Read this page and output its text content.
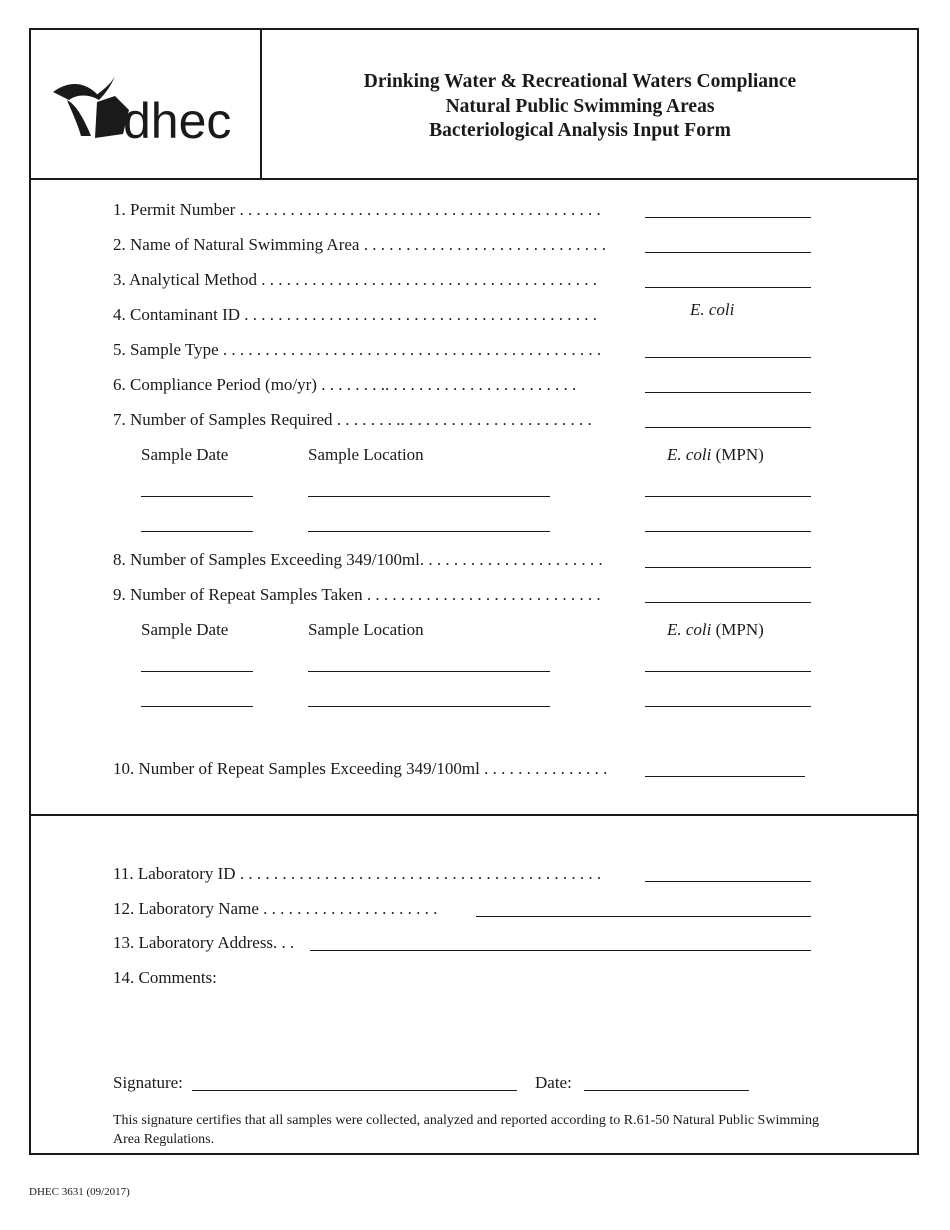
dhec
Drinking Water & Recreational Waters Compliance
Natural Public Swimming Areas
Bacteriological Analysis Input Form
1. Permit Number . . . . . . . . . . . . . . . . . . . . . . . . . . . . . . . . . . . . . . . . . . .
2. Name of Natural Swimming Area . . . . . . . . . . . . . . . . . . . . . . . . . . . . .
3. Analytical Method . . . . . . . . . . . . . . . . . . . . . . . . . . . . . . . . . . . . . . . .
4. Contaminant ID . . . . . . . . . . . . . . . . . . . . . . . . . . . . . . . . . . . . . . . . . .	E. coli
5. Sample Type . . . . . . . . . . . . . . . . . . . . . . . . . . . . . . . . . . . . . . . . . . . . .
6. Compliance Period (mo/yr) . . . . . . . .. . . . . . . . . . . . . . . . . . . . . . .
7. Number of Samples Required . . . . . . . .. . . . . . . . . . . . . . . . . . . . . . .
Sample Date	Sample Location	E. coli (MPN)
8. Number of Samples Exceeding 349/100ml. . . . . . . . . . . . . . . . . . . . . .
9. Number of Repeat Samples Taken . . . . . . . . . . . . . . . . . . . . . . . . . . . .
Sample Date	Sample Location	E. coli (MPN)
10. Number of Repeat Samples Exceeding 349/100ml . . . . . . . . . . . . . . .
11. Laboratory ID . . . . . . . . . . . . . . . . . . . . . . . . . . . . . . . . . . . . . . . . . . .
12. Laboratory Name . . . . . . . . . . . . . . . . . . . . .
13. Laboratory Address. . .
14. Comments:
Signature:	Date:
This signature certifies that all samples were collected, analyzed and reported according to R.61-50 Natural Public Swimming Area Regulations.
DHEC 3631 (09/2017)
